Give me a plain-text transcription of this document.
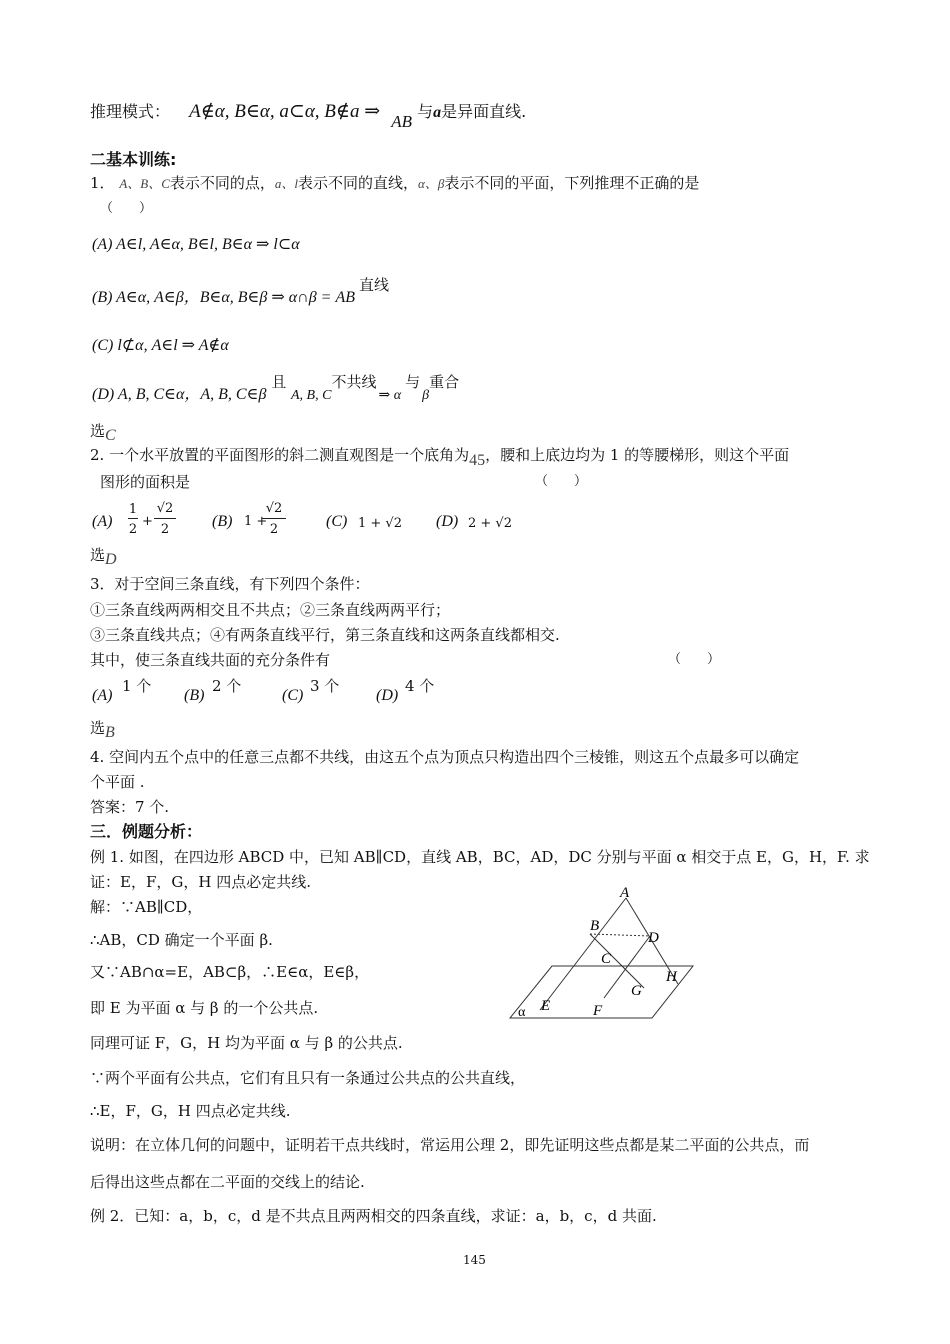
推理模式： A∉α, B∈α, a⊂α, B∉a ⇒ AB 与a是异面直线.
二基本训练:
1． A、B、C表示不同的点，a、l表示不同的直线，α、β表示不同的平面，下列推理不正确的是
（　　）
(A) A∈l, A∈α, B∈l, B∈α ⇒ l⊂α
(B) A∈α, A∈β，B∈α, B∈β ⇒ α∩β = AB直线
(C) l⊄α, A∈l ⇒ A∉α
(D) A, B, C∈α，A, B, C∈β 且 A, B, C不共线⇒ α与β重合
选C
2. 一个水平放置的平面图形的斜二测直观图是一个底角为45，腰和上底边均为 1 的等腰梯形，则这个平面
图形的面积是	（　　）
(A)
1
2
+
√2
2	(B) 1 +
√2
2	(C) 1 + √2 (D) 2 + √2
选D
3．对于空间三条直线，有下列四个条件：
①三条直线两两相交且不共点；②三条直线两两平行；
③三条直线共点；④有两条直线平行，第三条直线和这两条直线都相交.
其中，使三条直线共面的充分条件有	（　　）
(A)
1 个
(B)
2 个
(C)
3 个
(D)
4 个
选B
4. 空间内五个点中的任意三点都不共线，由这五个点为顶点只构造出四个三棱锥，则这五个点最多可以确定
个平面 .
答案：7 个.
三．例题分析：
例 1. 如图，在四边形 ABCD 中，已知 AB∥CD，直线 AB，BC，AD，DC 分别与平面 α 相交于点 E，G，H，F. 求
证：E，F，G，H 四点必定共线.
解：∵AB∥CD，
∴AB，CD 确定一个平面 β.
又∵AB∩α=E，AB⊂β，∴E∈α，E∈β，
即 E 为平面 α 与 β 的一个公共点.
同理可证 F，G，H 均为平面 α 与 β 的公共点.
∵两个平面有公共点，它们有且只有一条通过公共点的公共直线，
∴E，F，G，H 四点必定共线.
说明：在立体几何的问题中，证明若干点共线时，常运用公理 2，即先证明这些点都是某二平面的公共点，而
后得出这些点都在二平面的交线上的结论.
例 2．已知：a，b，c，d 是不共点且两两相交的四条直线，求证：a，b，c，d 共面.
A
B
C
D
E	F
G
H
α
145
